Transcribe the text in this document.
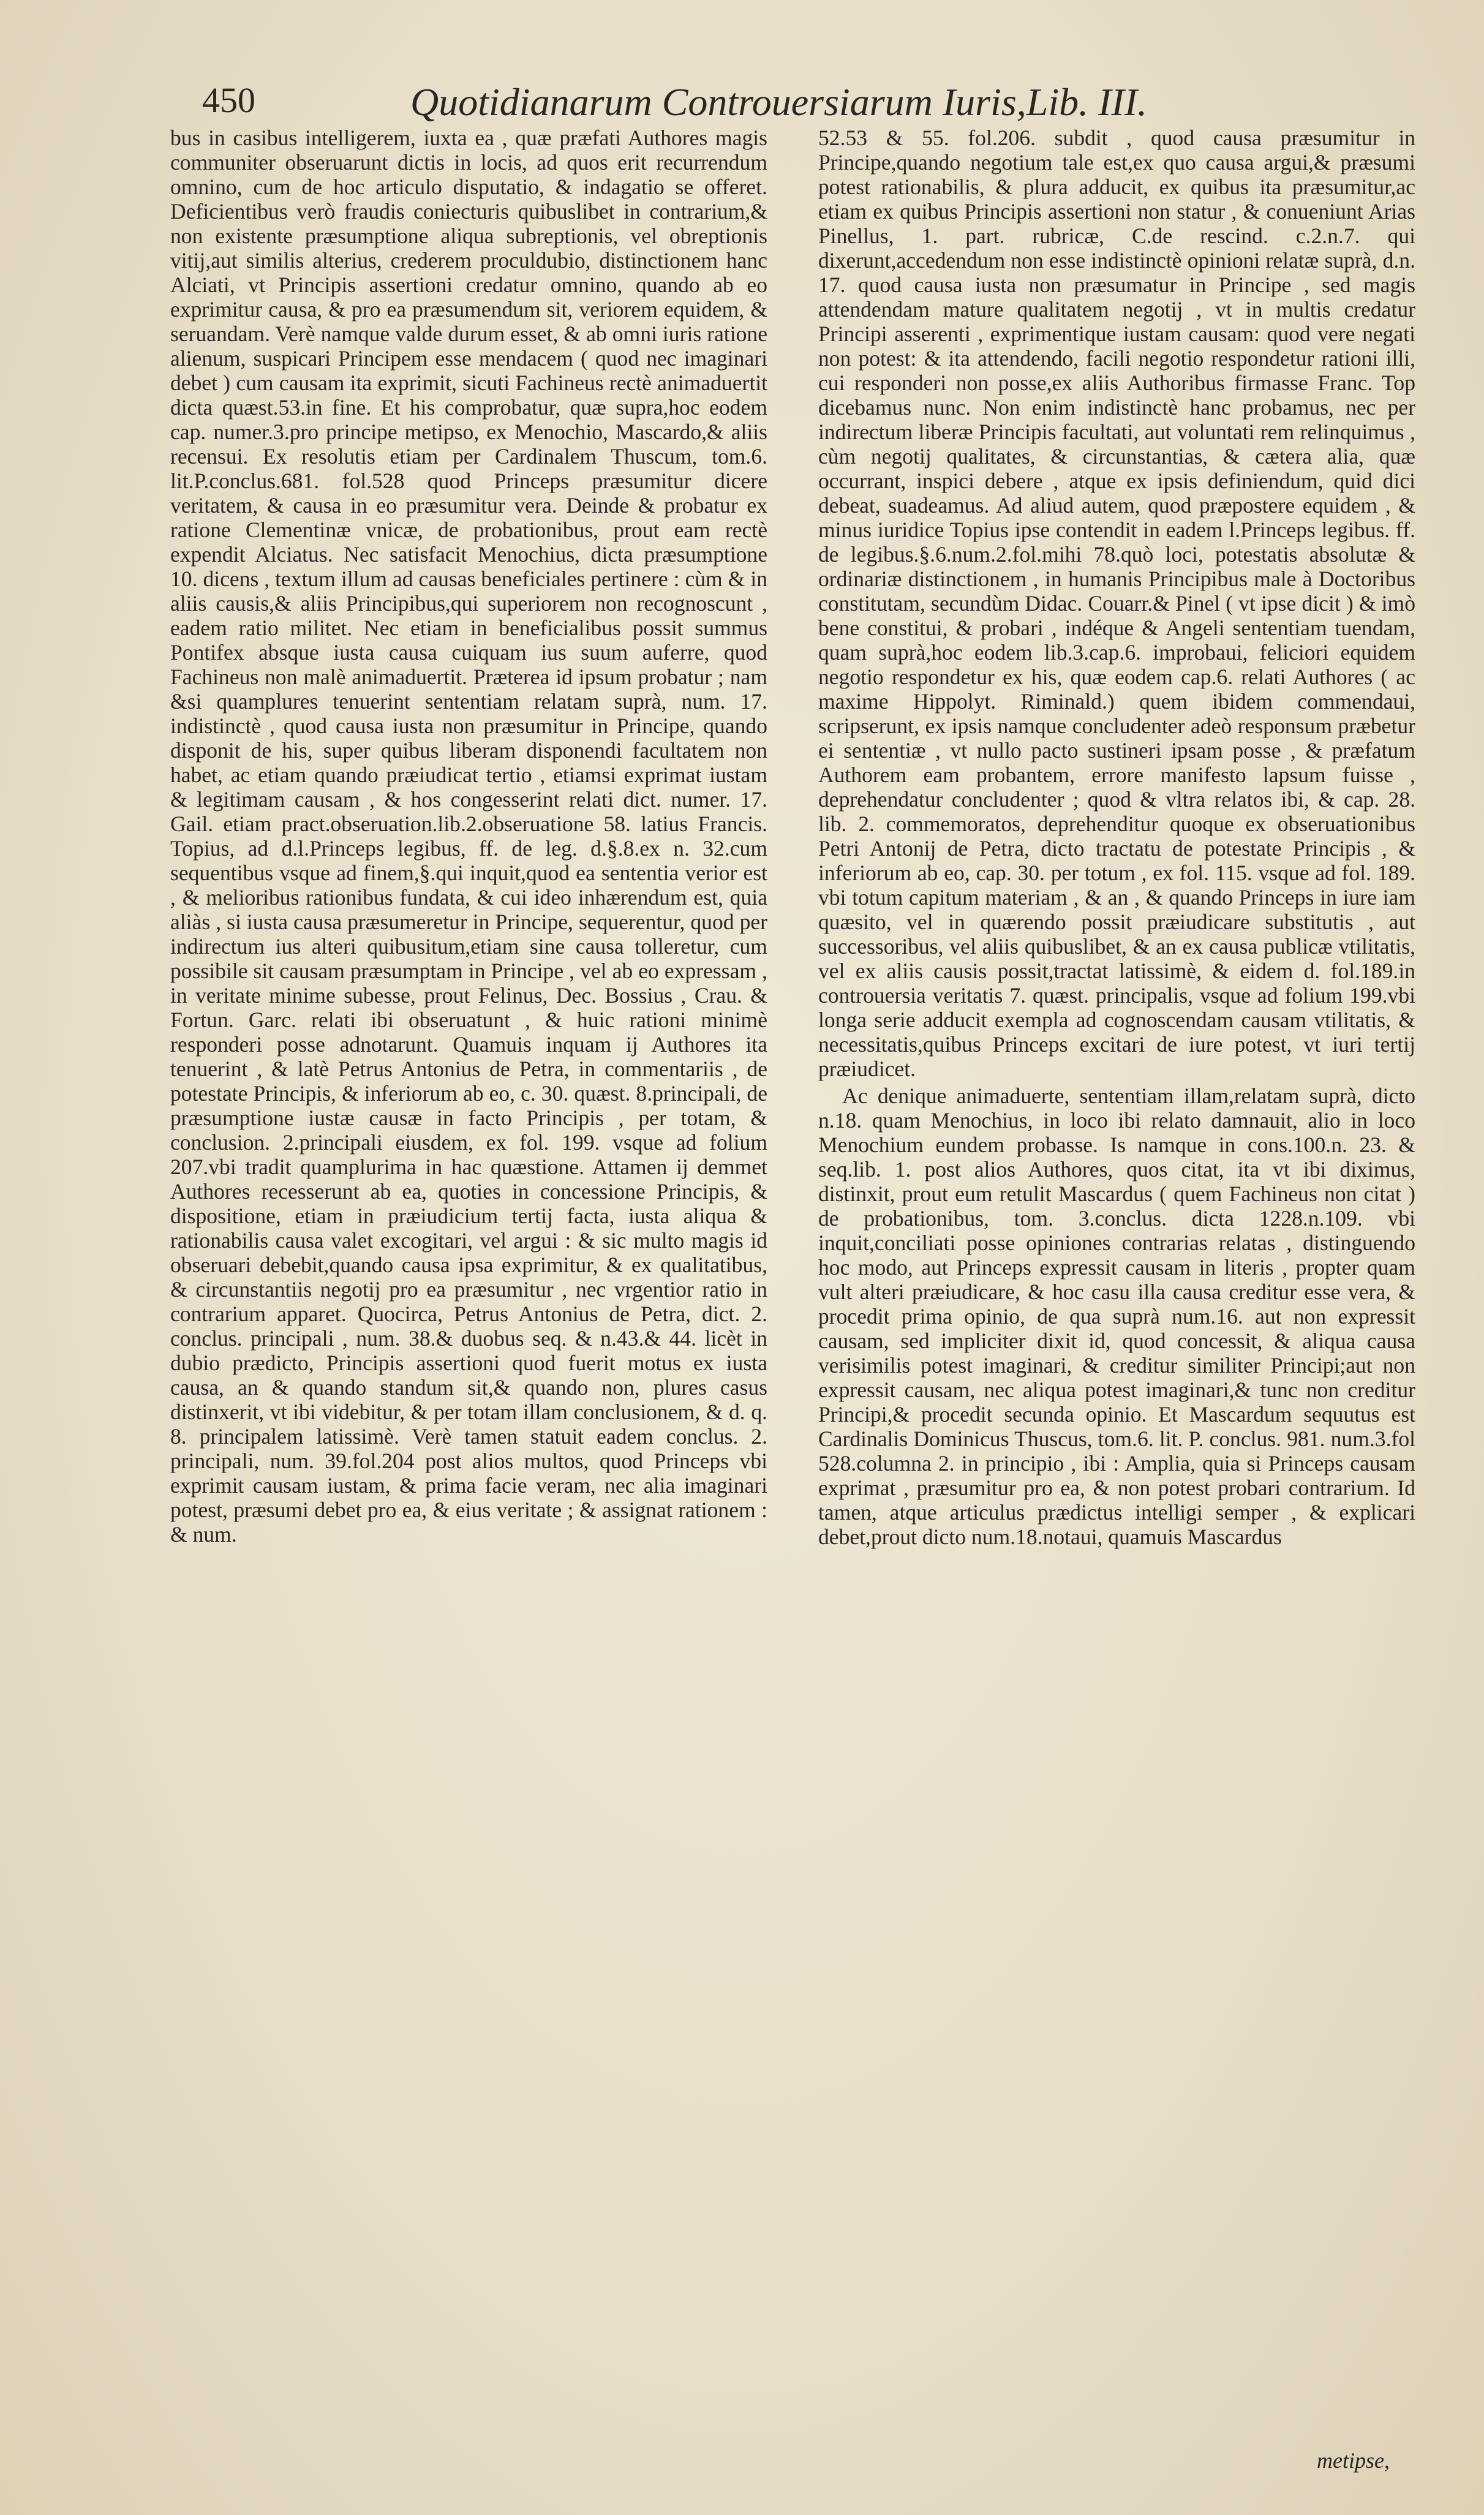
450	Quotidianarum Controuersiarum Iuris,Lib. III.

bus in casibus intelligerem, iuxta ea , quæ præfati Authores magis communiter obseruarunt dictis in locis, ad quos erit recurrendum omnino, cum de hoc articulo disputatio, & indagatio se offeret. Deficientibus verò fraudis coniecturis quibuslibet in contrarium,& non existente præsumptione aliqua subreptionis, vel obreptionis vitij,aut similis alterius, crederem proculdubio, distinctionem hanc Alciati, vt Principis assertioni credatur omnino, quando ab eo exprimitur causa, & pro ea præsumendum sit, veriorem equidem, & seruandam. Verè namque valde durum esset, & ab omni iuris ratione alienum, suspicari Principem esse mendacem ( quod nec imaginari debet ) cum causam ita exprimit, sicuti Fachineus rectè animaduertit dicta quæst.53.in fine. Et his comprobatur, quæ supra,hoc eodem cap. numer.3.pro principe metipso, ex Menochio, Mascardo,& aliis recensui. Ex resolutis etiam per Cardinalem Thuscum, tom.6. lit.P.conclus.681. fol.528 quod Princeps præsumitur dicere veritatem, & causa in eo præsumitur vera. Deinde & probatur ex ratione Clementinæ vnicæ, de probationibus, prout eam rectè expendit Alciatus. Nec satisfacit Menochius, dicta præsumptione 10. dicens , textum illum ad causas beneficiales pertinere : cùm & in aliis causis,& aliis Principibus,qui superiorem non recognoscunt , eadem ratio militet. Nec etiam in beneficialibus possit summus Pontifex absque iusta causa cuiquam ius suum auferre, quod Fachineus non malè animaduertit. Præterea id ipsum probatur ; nam &si quamplures tenuerint sententiam relatam suprà, num. 17. indistinctè , quod causa iusta non præsumitur in Principe, quando disponit de his, super quibus liberam disponendi facultatem non habet, ac etiam quando præiudicat tertio , etiamsi exprimat iustam & legitimam causam , & hos congesserint relati dict. numer. 17. Gail. etiam pract.obseruation.lib.2.obseruatione 58. latius Francis. Topius, ad d.l.Princeps legibus, ff. de leg. d.§.8.ex n. 32.cum sequentibus vsque ad finem,§.qui inquit,quod ea sententia verior est , & melioribus rationibus fundata, & cui ideo inhærendum est, quia aliàs , si iusta causa præsumeretur in Principe, sequerentur, quod per indirectum ius alteri quibusitum,etiam sine causa tolleretur, cum possibile sit causam præsumptam in Principe , vel ab eo expressam , in veritate minime subesse, prout Felinus, Dec. Bossius , Crau. & Fortun. Garc. relati ibi obseruatunt , & huic rationi minimè responderi posse adnotarunt. Quamuis inquam ij Authores ita tenuerint , & latè Petrus Antonius de Petra, in commentariis , de potestate Principis, & inferiorum ab eo, c. 30. quæst. 8.principali, de præsumptione iustæ causæ in facto Principis , per totam, & conclusion. 2.principali eiusdem, ex fol. 199. vsque ad folium 207.vbi tradit quamplurima in hac quæstione. Attamen ij demmet Authores recesserunt ab ea, quoties in concessione Principis, & dispositione, etiam in præiudicium tertij facta, iusta aliqua & rationabilis causa valet excogitari, vel argui : & sic multo magis id obseruari debebit,quando causa ipsa exprimitur, & ex qualitatibus, & circunstantiis negotij pro ea præsumitur , nec vrgentior ratio in contrarium apparet. Quocirca, Petrus Antonius de Petra, dict. 2. conclus. principali , num. 38.& duobus seq. & n.43.& 44. licèt in dubio prædicto, Principis assertioni quod fuerit motus ex iusta causa, an & quando standum sit,& quando non, plures casus distinxerit, vt ibi videbitur, & per totam illam conclusionem, & d. q. 8. principalem latissimè. Verè tamen statuit eadem conclus. 2. principali, num. 39.fol.204 post alios multos, quod Princeps vbi exprimit causam iustam, & prima facie veram, nec alia imaginari potest, præsumi debet pro ea, & eius veritate ; & assignat rationem : & num.

52.53 & 55. fol.206. subdit , quod causa præsumitur in Principe,quando negotium tale est,ex quo causa argui,& præsumi potest rationabilis, & plura adducit, ex quibus ita præsumitur,ac etiam ex quibus Principis assertioni non statur , & conueniunt Arias Pinellus, 1. part. rubricæ, C.de rescind. c.2.n.7. qui dixerunt,accedendum non esse indistinctè opinioni relatæ suprà, d.n. 17. quod causa iusta non præsumatur in Principe , sed magis attendendam mature qualitatem negotij , vt in multis credatur Principi asserenti , exprimentique iustam causam: quod vere negati non potest: & ita attendendo, facili negotio respondetur rationi illi, cui responderi non posse,ex aliis Authoribus firmasse Franc. Top dicebamus nunc. Non enim indistinctè hanc probamus, nec per indirectum liberæ Principis facultati, aut voluntati rem relinquimus , cùm negotij qualitates, & circunstantias, & cætera alia, quæ occurrant, inspici debere , atque ex ipsis definiendum, quid dici debeat, suadeamus. Ad aliud autem, quod præpostere equidem , & minus iuridice Topius ipse contendit in eadem l.Princeps legibus. ff. de legibus.§.6.num.2.fol.mihi 78.quò loci, potestatis absolutæ & ordinariæ distinctionem , in humanis Principibus male à Doctoribus constitutam, secundùm Didac. Couarr.& Pinel ( vt ipse dicit ) & imò bene constitui, & probari , indéque & Angeli sententiam tuendam, quam suprà,hoc eodem lib.3.cap.6. improbaui, feliciori equidem negotio respondetur ex his, quæ eodem cap.6. relati Authores ( ac maxime Hippolyt. Riminald.) quem ibidem commendaui, scripserunt, ex ipsis namque concludenter adeò responsum præbetur ei sententiæ , vt nullo pacto sustineri ipsam posse , & præfatum Authorem eam probantem, errore manifesto lapsum fuisse , deprehendatur concludenter ; quod & vltra relatos ibi, & cap. 28. lib. 2. commemoratos, deprehenditur quoque ex obseruationibus Petri Antonij de Petra, dicto tractatu de potestate Principis , & inferiorum ab eo, cap. 30. per totum , ex fol. 115. vsque ad fol. 189. vbi totum capitum materiam , & an , & quando Princeps in iure iam quæsito, vel in quærendo possit præiudicare substitutis , aut successoribus, vel aliis quibuslibet, & an ex causa publicæ vtilitatis, vel ex aliis causis possit,tractat latissimè, & eidem d. fol.189.in controuersia veritatis 7. quæst. principalis, vsque ad folium 199.vbi longa serie adducit exempla ad cognoscendam causam vtilitatis, & necessitatis,quibus Princeps excitari de iure potest, vt iuri tertij præiudicet.

Ac denique animaduerte, sententiam illam,relatam suprà, dicto n.18. quam Menochius, in loco ibi relato damnauit, alio in loco Menochium eundem probasse. Is namque in cons.100.n. 23. & seq.lib. 1. post alios Authores, quos citat, ita vt ibi diximus, distinxit, prout eum retulit Mascardus ( quem Fachineus non citat ) de probationibus, tom. 3.conclus. dicta 1228.n.109. vbi inquit,conciliati posse opiniones contrarias relatas , distinguendo hoc modo, aut Princeps expressit causam in literis , propter quam vult alteri præiudicare, & hoc casu illa causa creditur esse vera, & procedit prima opinio, de qua suprà num.16. aut non expressit causam, sed impliciter dixit id, quod concessit, & aliqua causa verisimilis potest imaginari, & creditur similiter Principi;aut non expressit causam, nec aliqua potest imaginari,& tunc non creditur Principi,& procedit secunda opinio. Et Mascardum sequutus est Cardinalis Dominicus Thuscus, tom.6. lit. P. conclus. 981. num.3.fol 528.columna 2. in principio , ibi : Amplia, quia si Princeps causam exprimat , præsumitur pro ea, & non potest probari contrarium. Id tamen, atque articulus prædictus intelligi semper , & explicari debet,prout dicto num.18.notaui, quamuis Mascardus

metipse,
